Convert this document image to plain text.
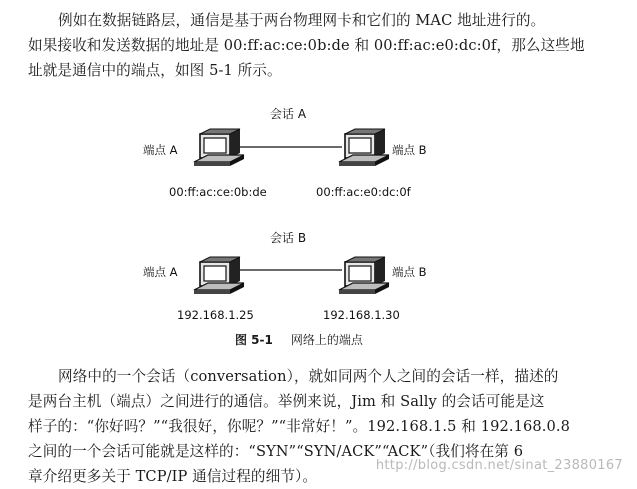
例如在数据链路层，通信是基于两台物理网卡和它们的 MAC 地址进行的。
如果接收和发送数据的地址是 00:ff:ac:ce:0b:de 和 00:ff:ac:e0:dc:0f，那么这些地
址就是通信中的端点，如图 5-1 所示。
会话 A
端点 A	端点 B
00:ff:ac:ce:0b:de	00:ff:ac:e0:dc:0f
会话 B
端点 A	端点 B
192.168.1.25	192.168.1.30
图 5-1 网络上的端点
网络中的一个会话（conversation），就如同两个人之间的会话一样，描述的
是两台主机（端点）之间进行的通信。举例来说，Jim 和 Sally 的会话可能是这
样子的：“你好吗？”“我很好，你呢？”“非常好！”。192.168.1.5 和 192.168.0.8
之间的一个会话可能就是这样的：“SYN”“SYN/ACK”“ACK”（我们将在第 6
章介绍更多关于 TCP/IP 通信过程的细节）。
http://blog.csdn.net/sinat_23880167
